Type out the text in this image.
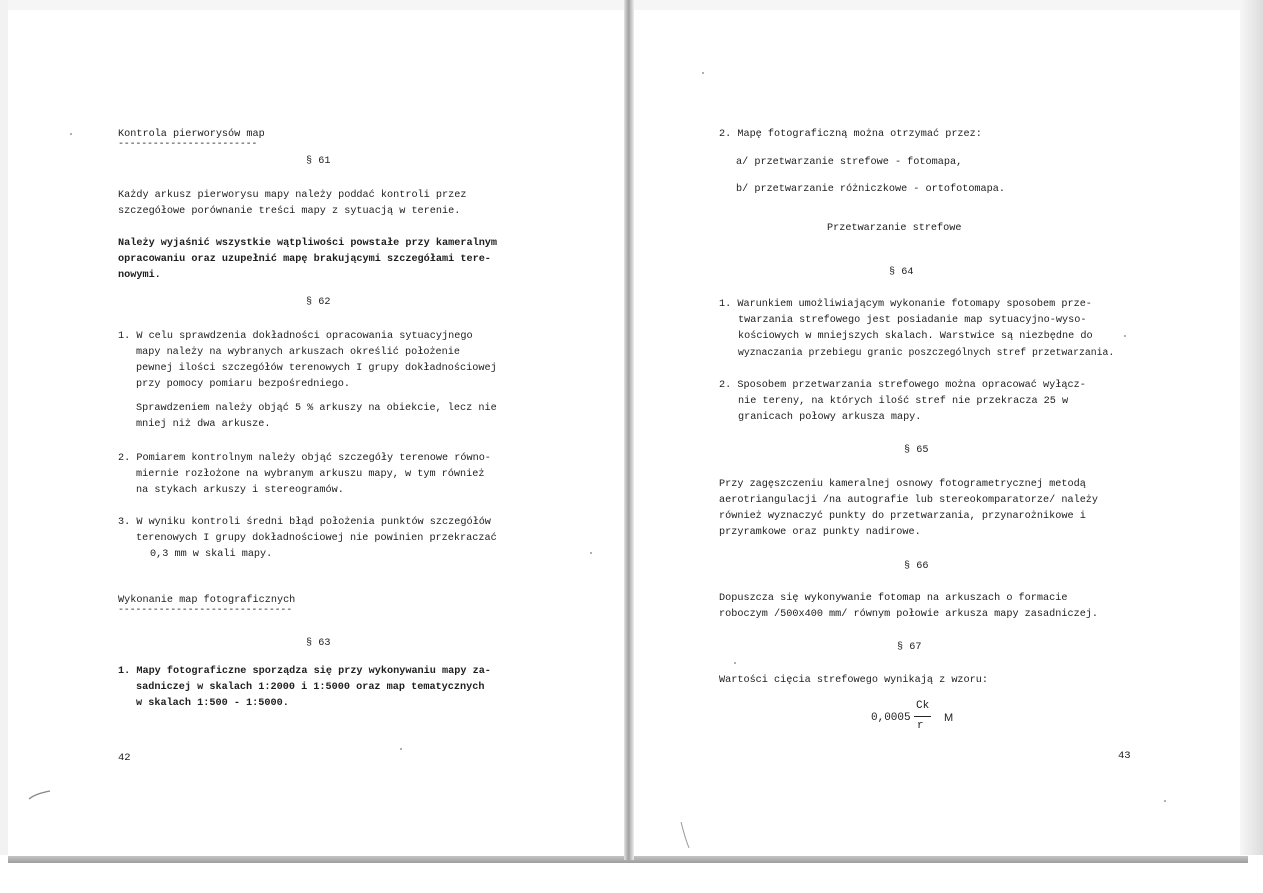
Kontrola pierworysów map
------------------------
§ 61
Każdy arkusz pierworysu mapy należy poddać kontroli przez
szczegółowe porównanie treści mapy z sytuacją w terenie.
Należy wyjaśnić wszystkie wątpliwości powstałe przy kameralnym
opracowaniu oraz uzupełnić mapę brakującymi szczegółami tere-
nowymi.
§ 62
1. W celu sprawdzenia dokładności opracowania sytuacyjnego
mapy należy na wybranych arkuszach określić położenie
pewnej ilości szczegółów terenowych I grupy dokładnościowej
przy pomocy pomiaru bezpośredniego.
Sprawdzeniem należy objąć 5 % arkuszy na obiekcie, lecz nie
mniej niż dwa arkusze.
2. Pomiarem kontrolnym należy objąć szczegóły terenowe równo-
miernie rozłożone na wybranym arkuszu mapy, w tym również
na stykach arkuszy i stereogramów.
3. W wyniku kontroli średni błąd położenia punktów szczegółów
terenowych I grupy dokładnościowej nie powinien przekraczać
0,3 mm w skali mapy.
Wykonanie map fotograficznych
------------------------------
§ 63
1. Mapy fotograficzne sporządza się przy wykonywaniu mapy za-
sadniczej w skalach 1:2000 i 1:5000 oraz map tematycznych
w skalach 1:500 - 1:5000.
42
2. Mapę fotograficzną można otrzymać przez:
a/ przetwarzanie strefowe - fotomapa,
b/ przetwarzanie różniczkowe - ortofotomapa.
Przetwarzanie strefowe
§ 64
1. Warunkiem umożliwiającym wykonanie fotomapy sposobem prze-
twarzania strefowego jest posiadanie map sytuacyjno-wyso-
kościowych w mniejszych skalach. Warstwice są niezbędne do
wyznaczania przebiegu granic poszczególnych stref przetwarzania.
2. Sposobem przetwarzania strefowego można opracować wyłącz-
nie tereny, na których ilość stref nie przekracza 25 w
granicach połowy arkusza mapy.
§ 65
Przy zagęszczeniu kameralnej osnowy fotogrametrycznej metodą
aerotriangulacji /na autografie lub stereokomparatorze/ należy
również wyznaczyć punkty do przetwarzania, przynarożnikowe i
przyramkowe oraz punkty nadirowe.
§ 66
Dopuszcza się wykonywanie fotomap na arkuszach o formacie
roboczym /500x400 mm/ równym połowie arkusza mapy zasadniczej.
§ 67
Wartości cięcia strefowego wynikają z wzoru:
0,0005
Ck
r
M
43
